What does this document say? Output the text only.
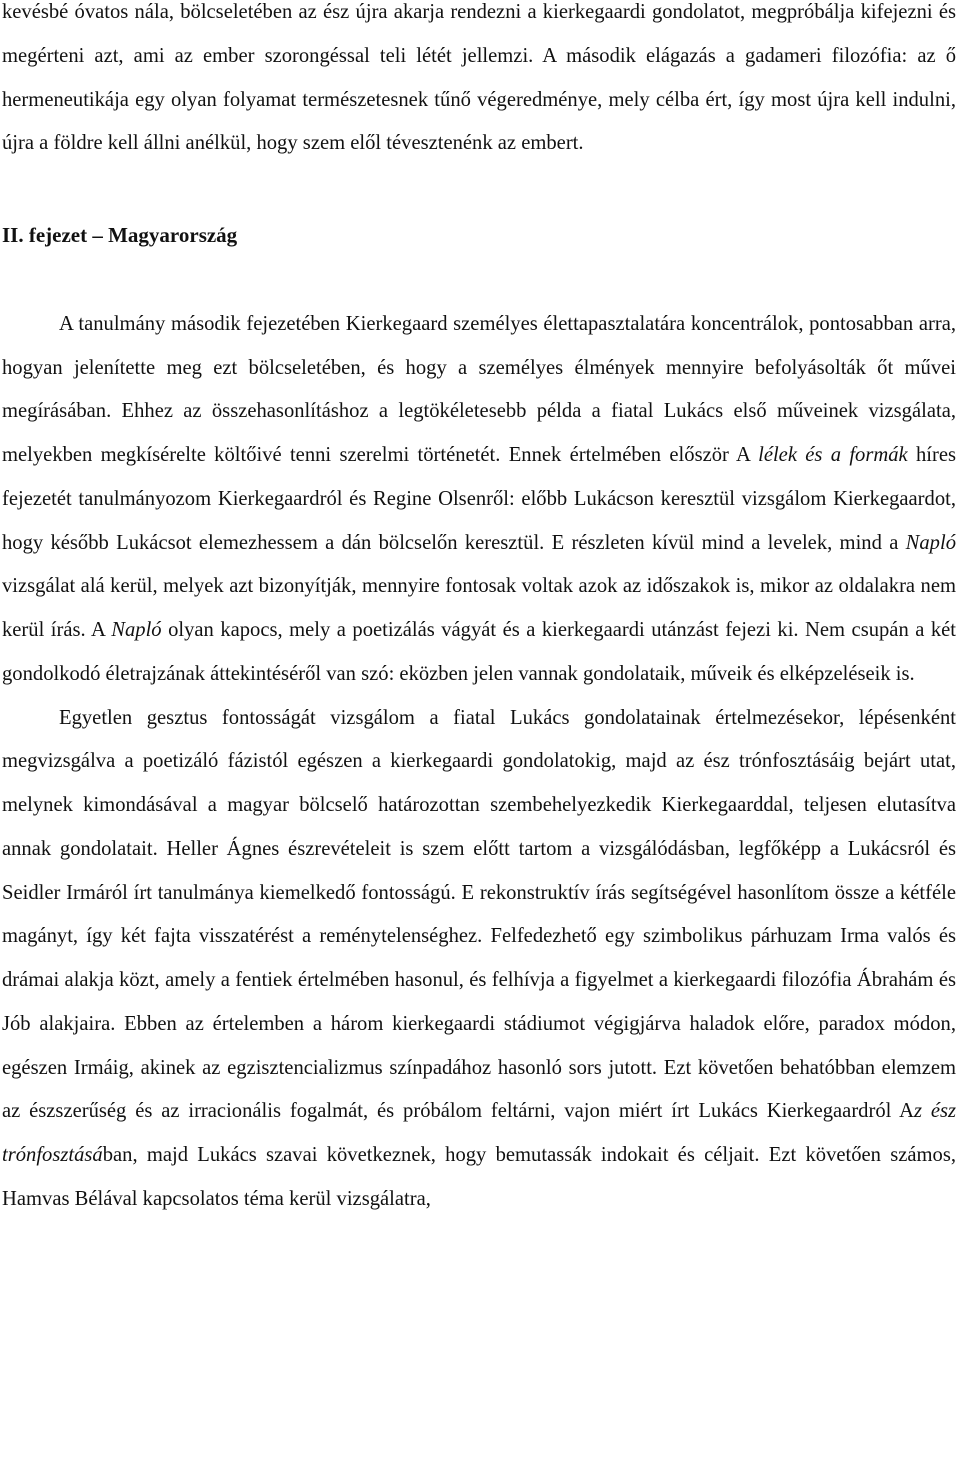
kevésbé óvatos nála, bölcseletében az ész újra akarja rendezni a kierkegaardi gondolatot, megpróbálja kifejezni és megérteni azt, ami az ember szorongéssal teli létét jellemzi. A második elágazás a gadameri filozófia: az ő hermeneutikája egy olyan folyamat természetesnek tűnő végeredménye, mely célba ért, így most újra kell indulni, újra a földre kell állni anélkül, hogy szem elől tévesztenénk az embert.

II. fejezet – Magyarország

A tanulmány második fejezetében Kierkegaard személyes élettapasztalatára koncentrálok, pontosabban arra, hogyan jelenítette meg ezt bölcseletében, és hogy a személyes élmények mennyire befolyásolták őt művei megírásában. Ehhez az összehasonlításhoz a legtökéletesebb példa a fiatal Lukács első műveinek vizsgálata, melyekben megkísérelte költőivé tenni szerelmi történetét. Ennek értelmében először A lélek és a formák híres fejezetét tanulmányozom Kierkegaardról és Regine Olsenről: előbb Lukácson keresztül vizsgálom Kierkegaardot, hogy később Lukácsot elemezhessem a dán bölcselőn keresztül. E részleten kívül mind a levelek, mind a Napló vizsgálat alá kerül, melyek azt bizonyítják, mennyire fontosak voltak azok az időszakok is, mikor az oldalakra nem kerül írás. A Napló olyan kapocs, mely a poetizálás vágyát és a kierkegaardi utánzást fejezi ki. Nem csupán a két gondolkodó életrajzának áttekintéséről van szó: eközben jelen vannak gondolataik, műveik és elképzeléseik is.

Egyetlen gesztus fontosságát vizsgálom a fiatal Lukács gondolatainak értelmezésekor, lépésenként megvizsgálva a poetizáló fázistól egészen a kierkegaardi gondolatokig, majd az ész trónfosztásáig bejárt utat, melynek kimondásával a magyar bölcselő határozottan szembehelyezkedik Kierkegaarddal, teljesen elutasítva annak gondolatait. Heller Ágnes észrevételeit is szem előtt tartom a vizsgálódásban, legfőképp a Lukácsról és Seidler Irmáról írt tanulmánya kiemelkedő fontosságú. E rekonstruktív írás segítségével hasonlítom össze a kétféle magányt, így két fajta visszatérést a reménytelenséghez. Felfedezhető egy szimbolikus párhuzam Irma valós és drámai alakja közt, amely a fentiek értelmében hasonul, és felhívja a figyelmet a kierkegaardi filozófia Ábrahám és Jób alakjaira. Ebben az értelemben a három kierkegaardi stádiumot végigjárva haladok előre, paradox módon, egészen Irmáig, akinek az egzisztencializmus színpadához hasonló sors jutott. Ezt követően behatóbban elemzem az észszerűség és az irracionális fogalmát, és próbálom feltárni, vajon miért írt Lukács Kierkegaardról Az ész trónfosztásában, majd Lukács szavai következnek, hogy bemutassák indokait és céljait. Ezt követően számos, Hamvas Bélával kapcsolatos téma kerül vizsgálatra,
